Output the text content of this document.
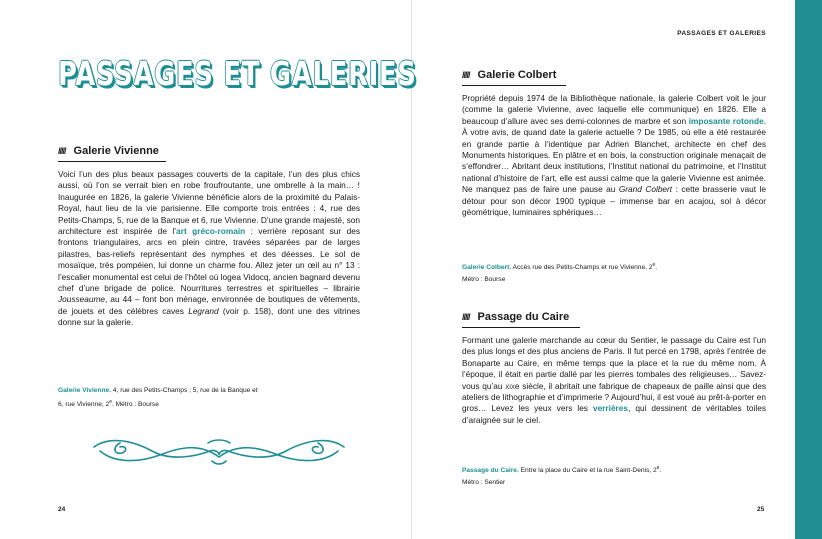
PASSAGES ET GALERIES
PASSAGES ET GALERIES
///// Galerie Vivienne

Voici l’un des plus beaux passages couverts de la capitale, l’un des plus chics aussi, où l’on se verrait bien en robe froufroutante, une ombrelle à la main… ! Inauguréе en 1826, la galerie Vivienne bénéficie alors de la proximité du Palais-Royal, haut lieu de la vie parisienne. Elle comporte trois entrées : 4, rue des Petits-Champs, 5, rue de la Banque et 6, rue Vivienne. D’une grande majesté, son architecture est inspirée de l’art gréco-romain : verrière reposant sur des frontons triangulaires, arcs en plein cintre, travées séparées par de larges pilastres, bas-reliefs représentant des nymphes et des déesses. Le sol de mosaïque, très pompéien, lui donne un charme fou. Allez jeter un œil au n° 13 : l’escalier monumental est celui de l’hôtel où logea Vidocq, ancien bagnard devenu chef d’une brigade de police. Nourritures terrestres et spirituelles – librairie Jousseaume, au 44 – font bon ménage, environnée de boutiques de vêtements, de jouets et des célèbres caves Legrand (voir p. 158), dont une des vitrines donne sur la galerie.

Galerie Vivienne. 4, rue des Petits-Champs ; 5, rue de la Banque et
6, rue Vivienne, 2e. Métro : Bourse
24
///// Galerie Colbert

Propriété depuis 1974 de la Bibliothèque nationale, la galerie Colbert voit le jour (comme la galerie Vivienne, avec laquelle elle communique) en 1826. Elle a beaucoup d’allure avec ses demi-colonnes de marbre et son imposante rotonde. À votre avis, de quand date la galerie actuelle ? De 1985, où elle a été restaurée en grande partie à l’identique par Adrien Blanchet, architecte en chef des Monuments historiques. En plâtre et en bois, la construction originale menaçait de s’effondrer… Abritant deux institutions, l’Institut national du patrimoine, et l’Institut national d’histoire de l’art, elle est aussi calme que la galerie Vivienne est animée. Ne manquez pas de faire une pause au Grand Colbert : cette brasserie vaut le détour pour son décor 1900 typique – immense bar en acajou, sol à décor géométrique, luminaires sphériques…

Galerie Colbert. Accès rue des Petits-Champs et rue Vivienne, 2e.
Métro : Bourse
///// Passage du Caire

Formant une galerie marchande au cœur du Sentier, le passage du Caire est l’un des plus longs et des plus anciens de Paris. Il fut percé en 1798, après l’entrée de Bonaparte au Caire, en même temps que la place et la rue du même nom. À l’époque, il était en partie dallé par les pierres tombales des religieuses… Savez-vous qu’au xixe siècle, il abritait une fabrique de chapeaux de paille ainsi que des ateliers de lithographie et d’imprimerie ? Aujourd’hui, il est voué au prêt-à-porter en gros… Levez les yeux vers les verrières, qui dessinent de véritables toiles d’araignée sur le ciel.

Passage du Caire. Entre la place du Caire et la rue Saint-Denis, 2e.
Métro : Sentier
25
